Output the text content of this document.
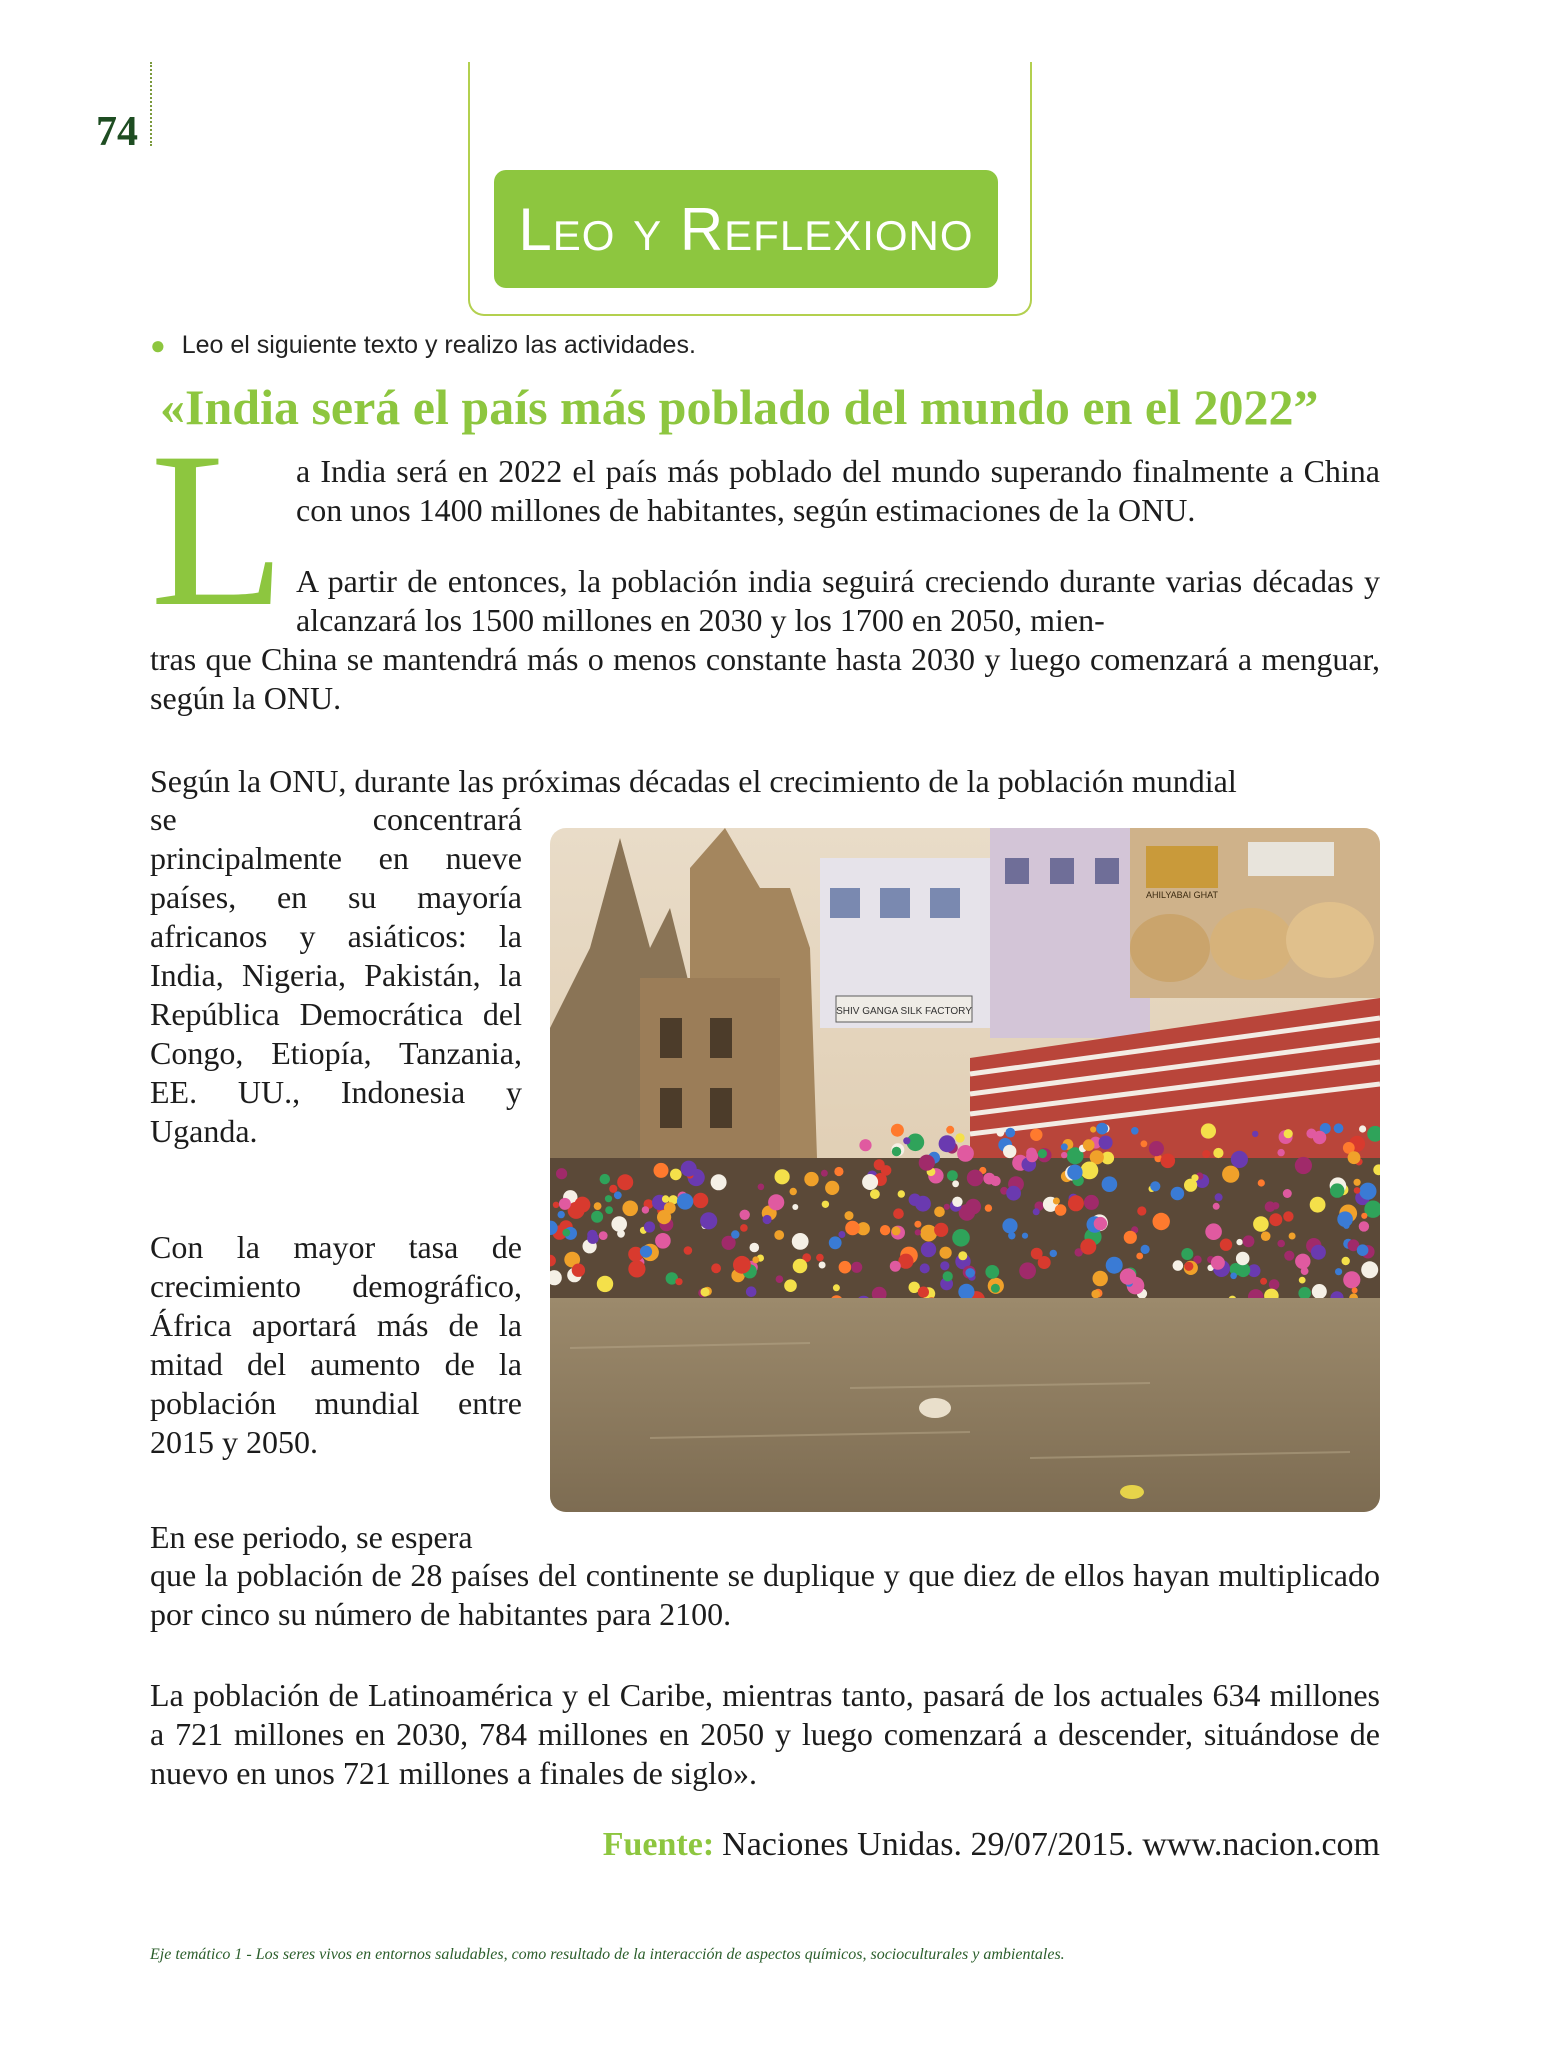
74
Leo y Reflexiono
● Leo el siguiente texto y realizo las actividades.
«India será el país más poblado del mundo en el 2022”
L a India será en 2022 el país más poblado del mundo superando finalmente a China con unos 1400 millones de habitantes, según estimaciones de la ONU.

A partir de entonces, la población india seguirá creciendo durante varias décadas y alcanzará los 1500 millones en 2030 y los 1700 en 2050, mien-

tras que China se mantendrá más o menos constante hasta 2030 y luego comenzará a menguar, según la ONU.

Según la ONU, durante las próximas décadas el crecimiento de la población mundial

se concentrará principalmente en nueve países, en su mayoría africanos y asiáticos: la India, Nigeria, Pakistán, la República Democrática del Congo, Etiopía, Tanzania, EE. UU., Indonesia y Uganda.

Con la mayor tasa de crecimiento demográfico, África aportará más de la mitad del aumento de la población mundial entre 2015 y 2050.

En ese periodo, se espera

que la población de 28 países del continente se duplique y que diez de ellos hayan multiplicado por cinco su número de habitantes para 2100.

La población de Latinoamérica y el Caribe, mientras tanto, pasará de los actuales 634 millones a 721 millones en 2030, 784 millones en 2050 y luego comenzará a descender, situándose de nuevo en unos 721 millones a finales de siglo».

SHIV GANGA SILK FACTORY
AHILYABAI GHAT
Fuente: Naciones Unidas. 29/07/2015. www.nacion.com
Eje temático 1 - Los seres vivos en entornos saludables, como resultado de la interacción de aspectos químicos, socioculturales y ambientales.
